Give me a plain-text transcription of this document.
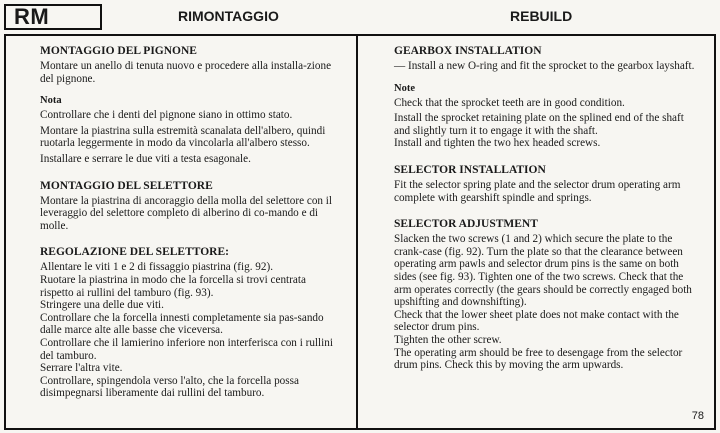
RM	RIMONTAGGIO	REBUILD
MONTAGGIO DEL PIGNONE

Montare un anello di tenuta nuovo e procedere alla installa-zione del pignone.

Nota

Controllare che i denti del pignone siano in ottimo stato.

Montare la piastrina sulla estremità scanalata dell'albero, quindi ruotarla leggermente in modo da vincolarla all'albero stesso.

Installare e serrare le due viti a testa esagonale.

MONTAGGIO DEL SELETTORE

Montare la piastrina di ancoraggio della molla del selettore con il leveraggio del selettore completo di alberino di co-mando e di molle.

REGOLAZIONE DEL SELETTORE:

Allentare le viti 1 e 2 di fissaggio piastrina (fig. 92).

Ruotare la piastrina in modo che la forcella si trovi centrata rispetto ai rullini del tamburo (fig. 93).

Stringere una delle due viti.

Controllare che la forcella innesti completamente sia pas-sando dalle marce alte alle basse che viceversa.

Controllare che il lamierino inferiore non interferisca con i rullini del tamburo.

Serrare l'altra vite.

Controllare, spingendola verso l'alto, che la forcella possa disimpegnarsi liberamente dai rullini del tamburo.

GEARBOX INSTALLATION

— Install a new O-ring and fit the sprocket to the gearbox layshaft.

Note

Check that the sprocket teeth are in good condition.

Install the sprocket retaining plate on the splined end of the shaft and slightly turn it to engage it with the shaft.

Install and tighten the two hex headed screws.

SELECTOR INSTALLATION

Fit the selector spring plate and the selector drum operating arm complete with gearshift spindle and springs.

SELECTOR ADJUSTMENT

Slacken the two screws (1 and 2) which secure the plate to the crank-case (fig. 92). Turn the plate so that the clearance between operating arm pawls and selector drum pins is the same on both sides (see fig. 93). Tighten one of the two screws. Check that the arm operates correctly (the gears should be correctly engaged both upshifting and downshifting).

Check that the lower sheet plate does not make contact with the selector drum pins.

Tighten the other screw.

The operating arm should be free to desengage from the selector drum pins. Check this by moving the arm upwards.

78
